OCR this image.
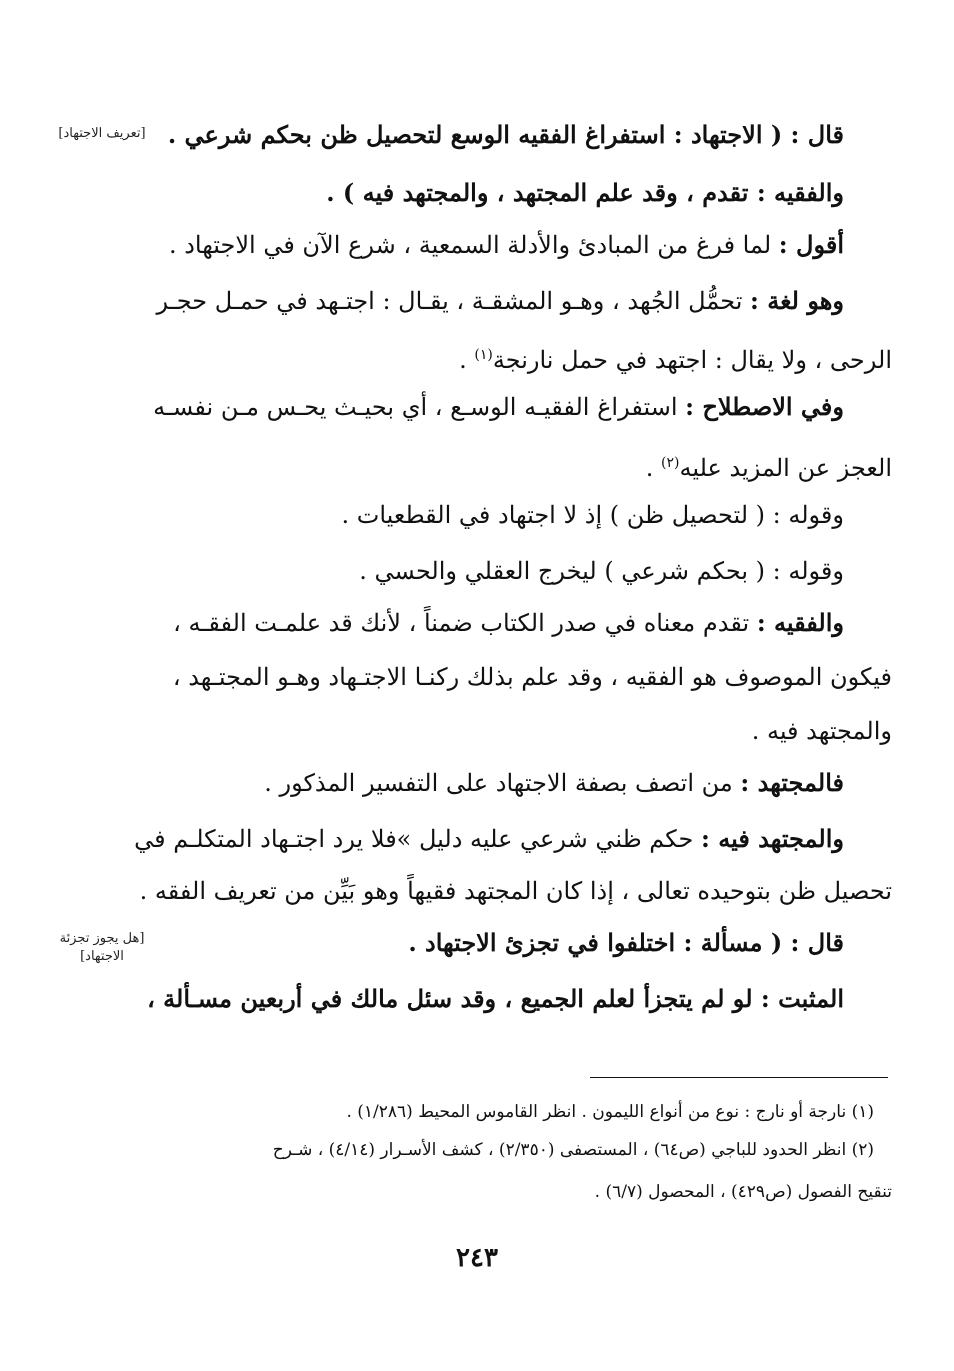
[تعريف الاجتهاد] قال : ( الاجتهاد : استفراغ الفقيه الوسع لتحصيل ظن بحكم شرعي .
والفقيه : تقدم ، وقد علم المجتهد ، والمجتهد فيه ) .
أقول : لما فرغ من المبادئ والأدلة السمعية ، شرع الآن في الاجتهاد .
وهو لغة : تحمُّل الجُهد ، وهـو المشقـة ، يقـال : اجتـهد في حمـل حجـر
الرحى ، ولا يقال : اجتهد في حمل نارنجة$^{(١)}$ .
وفي الاصطلاح : استفراغ الفقيـه الوسـع ، أي بحيـث يحـس مـن نفسـه
العجز عن المزيد عليه$^{(٢)}$ .
وقوله : ( لتحصيل ظن ) إذ لا اجتهاد في القطعيات .
وقوله : ( بحكم شرعي ) ليخرج العقلي والحسي .
والفقيه : تقدم معناه في صدر الكتاب ضمناً ، لأنك قد علمـت الفقـه ،
فيكون الموصوف هو الفقيه ، وقد علم بذلك ركنـا الاجتـهاد وهـو المجتـهد ،
والمجتهد فيه .
فالمجتهد : من اتصف بصفة الاجتهاد على التفسير المذكور .
والمجتهد فيه : حكم ظني شرعي عليه دليل »فلا يرد اجتـهاد المتكلـم في
تحصيل ظن بتوحيده تعالى ، إذا كان المجتهد فقيهاً وهو بَيِّن من تعريف الفقه .
[هل يجوز تجزئة الاجتهاد]	قال : ( مسألة : اختلفوا في تجزئ الاجتهاد .
المثبت : لو لم يتجزأ لعلم الجميع ، وقد سئل مالك في أربعين مسـألة ،
(١) نارجة أو نارج : نوع من أنواع الليمون . انظر القاموس المحيط (١/٢٨٦) .
(٢) انظر الحدود للباجي (ص٦٤) ، المستصفى (٢/٣٥٠) ، كشف الأسـرار (٤/١٤) ، شـرح
تنقيح الفصول (ص٤٢٩) ، المحصول (٦/٧) .
٢٤٣
